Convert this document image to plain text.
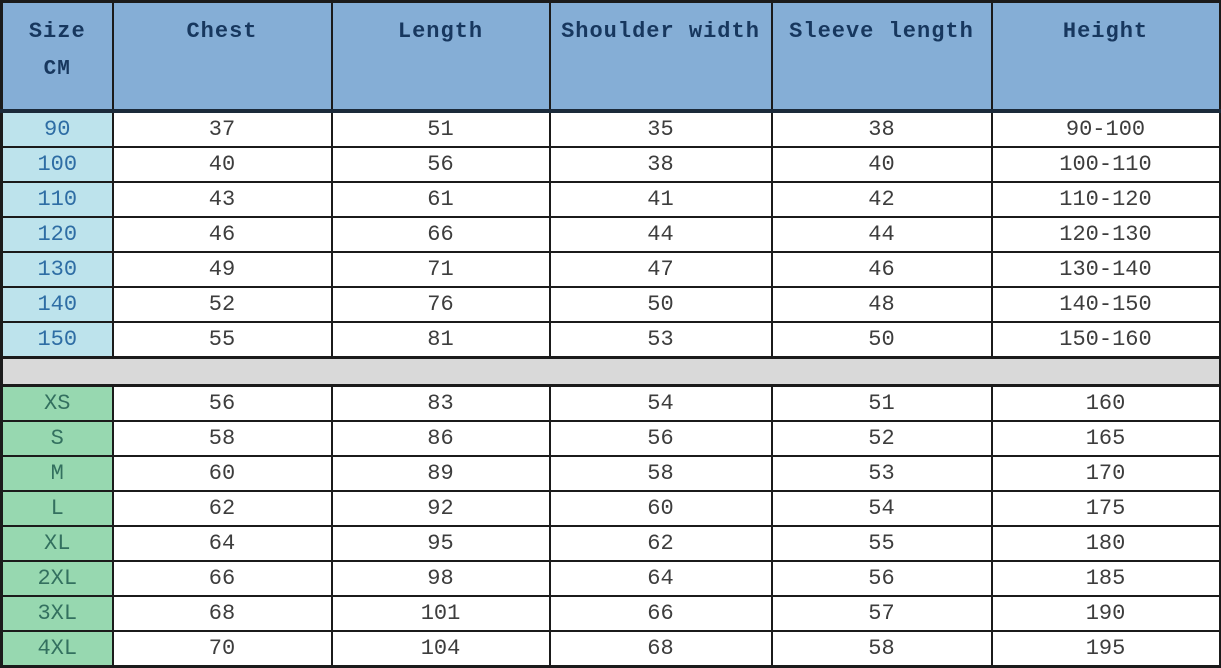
Size
CM	Chest	Length	Shoulder width	Sleeve length	Height
90	37	51	35	38	90-100
100	40	56	38	40	100-110
110	43	61	41	42	110-120
120	46	66	44	44	120-130
130	49	71	47	46	130-140
140	52	76	50	48	140-150
150	55	81	53	50	150-160

XS	56	83	54	51	160
S	58	86	56	52	165
M	60	89	58	53	170
L	62	92	60	54	175
XL	64	95	62	55	180
2XL	66	98	64	56	185
3XL	68	101	66	57	190
4XL	70	104	68	58	195
